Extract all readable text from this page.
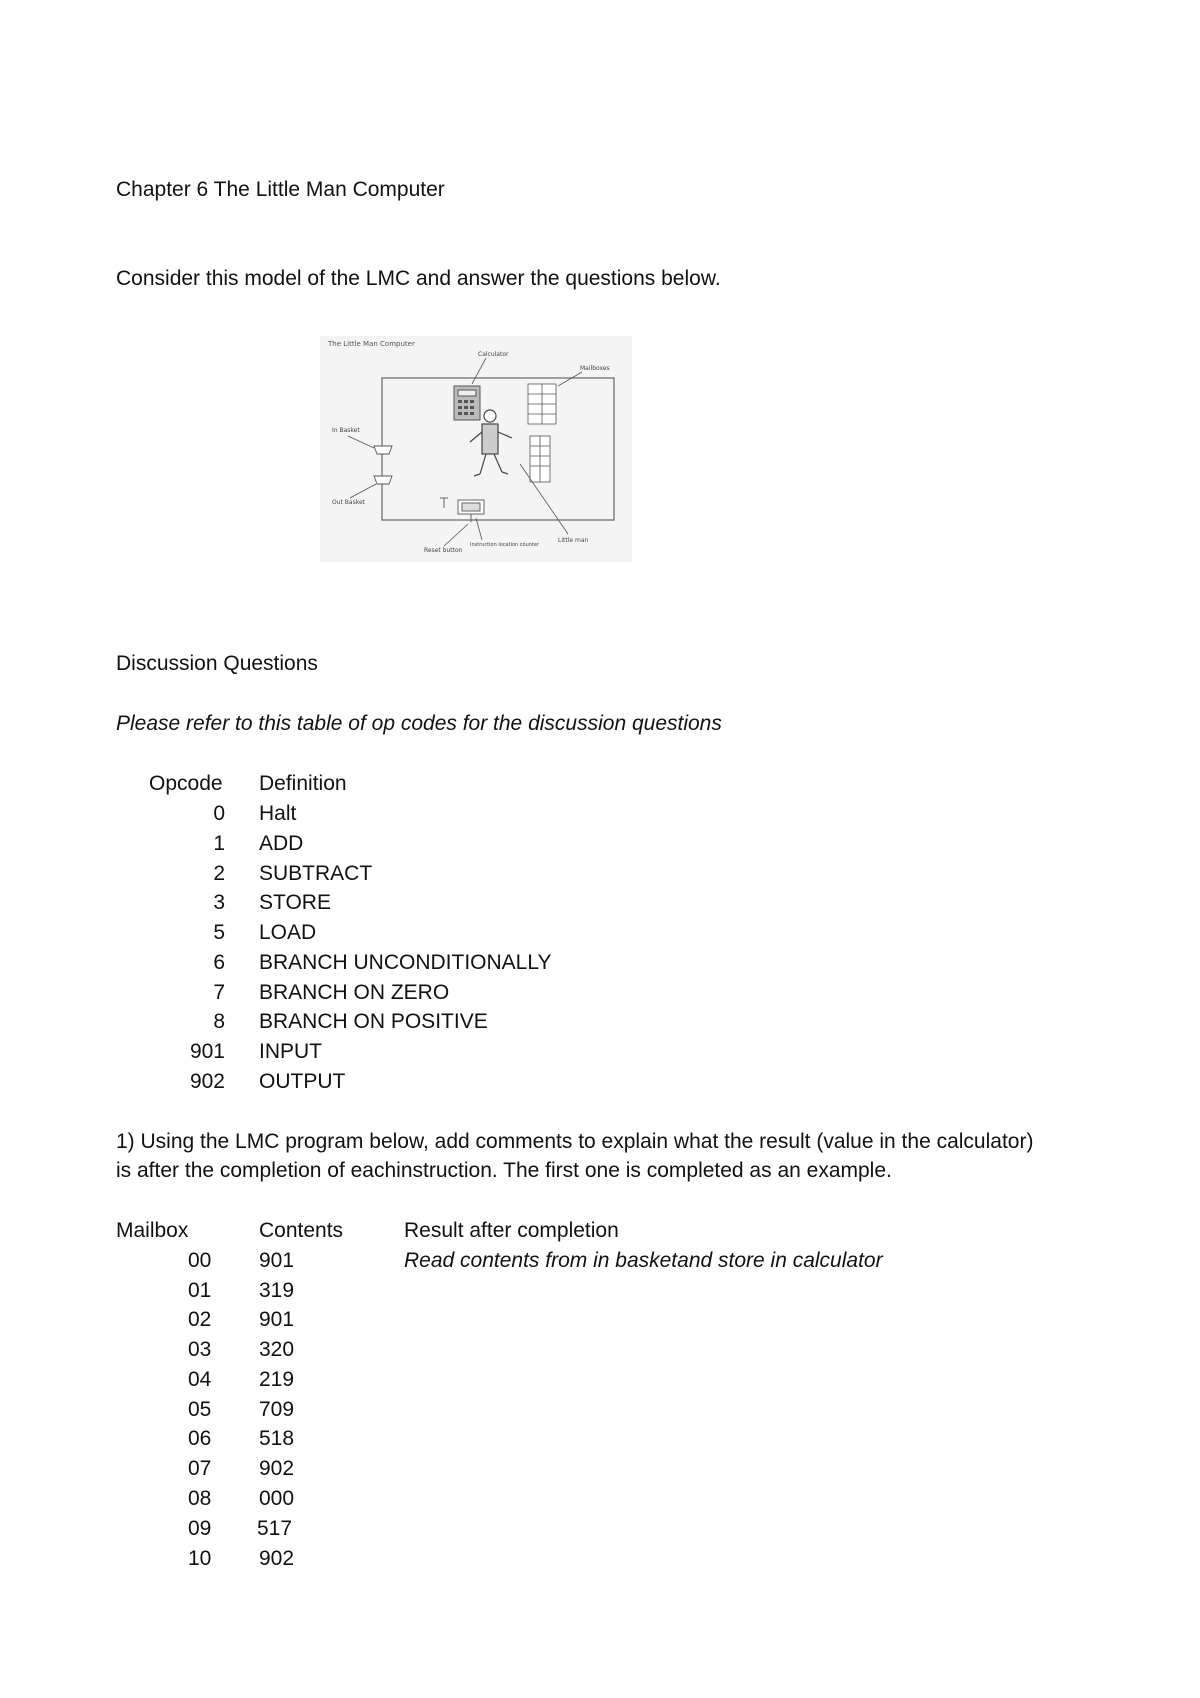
Chapter 6 The Little Man Computer
Consider this model of the LMC and answer the questions below.
The Little Man Computer
Calculator
Mailboxes
Little man
In Basket
Out Basket
Reset button
Instruction location counter
Discussion Questions
Please refer to this table of op codes for the discussion questions
Opcode Definition
0 Halt
1 ADD
2 SUBTRACT
3 STORE
5 LOAD
6 BRANCH UNCONDITIONALLY
7 BRANCH ON ZERO
8 BRANCH ON POSITIVE
901 INPUT
902 OUTPUT
1) Using the LMC program below, add comments to explain what the result (value in the calculator)
is after the completion of eachinstruction. The first one is completed as an example.
Mailbox	Contents	Result after completion
00 901	Read contents from in basketand store in calculator
01 319
02 901
03 320
04 219
05 709
06 518
07 902
08 000
09 517
10 902
